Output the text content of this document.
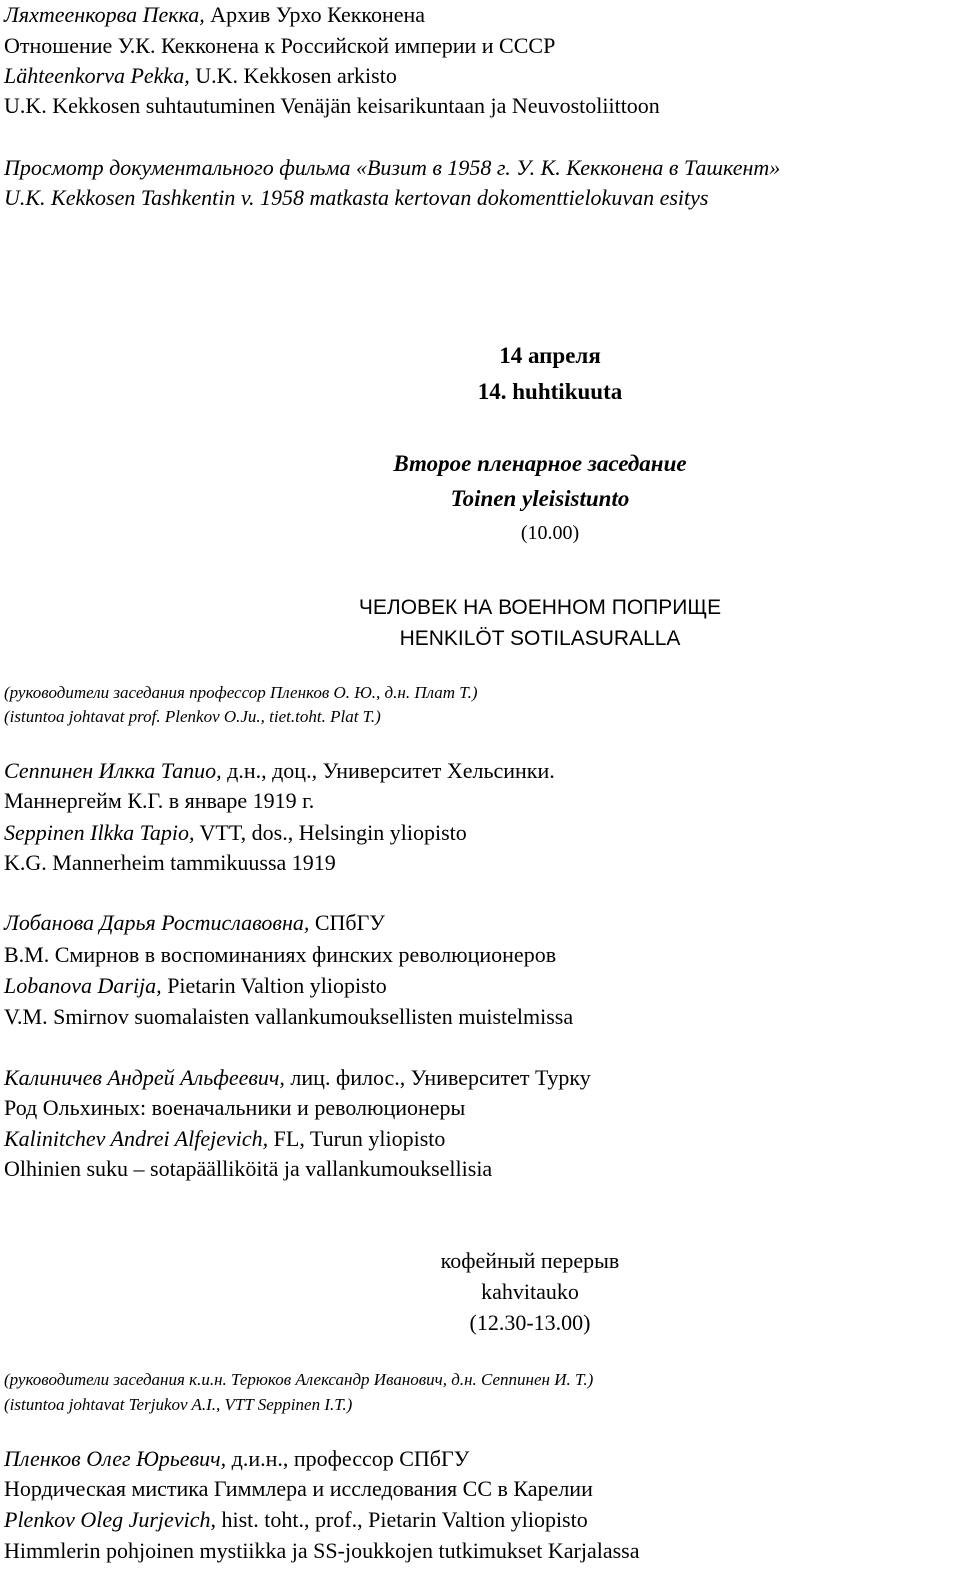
Ляхтеенкорва Пекка, Архив Урхо Кекконена
Отношение У.К. Кекконена к Российской империи и СССР
Lähteenkorva Pekka, U.K. Kekkosen arkisto
U.K. Kekkosen suhtautuminen Venäjän keisarikuntaan ja Neuvostoliittoon
Просмотр документального фильма «Визит в 1958 г. У. К. Кекконена в Ташкент»
U.K. Kekkosen Tashkentin v. 1958 matkasta kertovan dokomenttielokuvan esitys
14 апреля
14. huhtikuuta
Второе пленарное заседание
Toinen yleisistunto
(10.00)
ЧЕЛОВЕК НА ВОЕННОМ ПОПРИЩЕ
HENKILÖT SOTILASURALLA
(руководители заседания профессор Пленков О. Ю., д.н. Плат Т.)
(istuntoa johtavat prof. Plenkov O.Ju., tiet.toht. Plat T.)
Сеппинен Илкка Тапио, д.н., доц., Университет Хельсинки.
Маннергейм К.Г. в январе 1919 г.
Seppinen Ilkka Tapio, VTT, dos., Helsingin yliopisto
K.G. Mannerheim tammikuussa 1919
Лобанова Дарья Ростиславовна, СПбГУ
В.М. Смирнов в воспоминаниях финских революционеров
Lobanova Darija, Pietarin Valtion yliopisto
V.M. Smirnov suomalaisten vallankumouksellisten muistelmissa
Калиничев Андрей Альфеевич, лиц. филос., Университет Турку
Род Ольхиных: военачальники и революционеры
Kalinitchev Andrei Alfejevich, FL, Turun yliopisto
Olhinien suku – sotapäälliköitä ja vallankumouksellisia
кофейный перерыв
kahvitauko
(12.30-13.00)
(руководители заседания к.и.н. Терюков Александр Иванович, д.н. Сеппинен И. Т.)
(istuntoa johtavat Terjukov A.I., VTT Seppinen I.T.)
Пленков Олег Юрьевич, д.и.н., профессор СПбГУ
Нордическая мистика Гиммлера и исследования СС в Карелии
Plenkov Oleg Jurjevich, hist. toht., prof., Pietarin Valtion yliopisto
Himmlerin pohjoinen mystiikka ja SS-joukkojen tutkimukset Karjalassa
